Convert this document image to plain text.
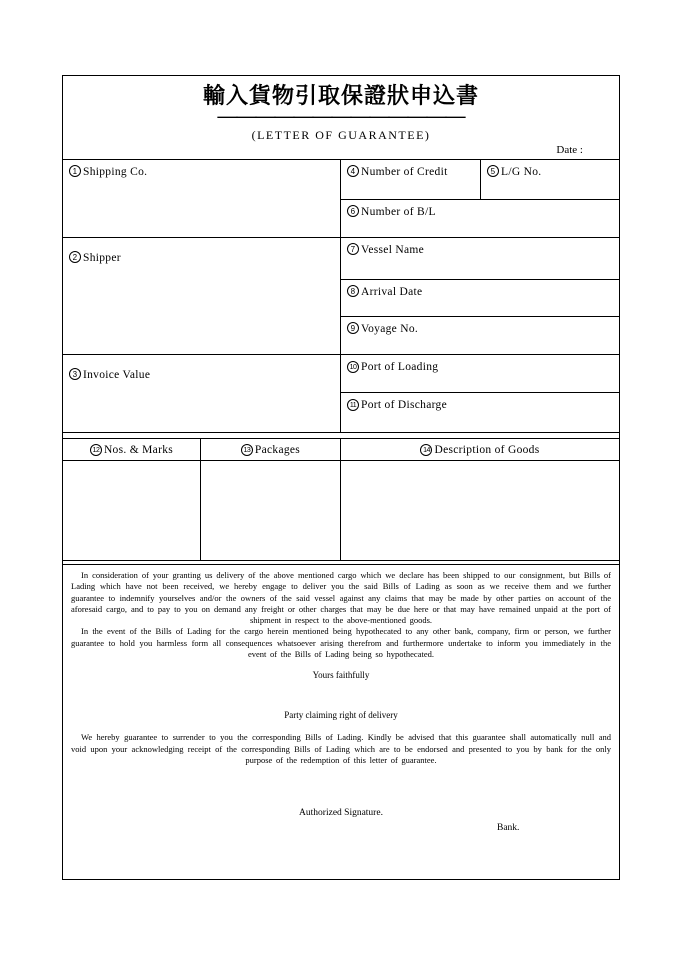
輸入貨物引取保證狀申込書
—————————————
(LETTER OF GUARANTEE)
Date :
1 Shipping Co.	4 Number of Credit	5 L/G No.
	6 Number of B/L	
2 Shipper	7 Vessel Name	
	8 Arrival Date	
	9 Voyage No.	
3 Invoice Value	10 Port of Loading	
	11 Port of Discharge	
12 Nos. & Marks	13 Packages	14 Description of Goods

In consideration of your granting us delivery of the above mentioned cargo which we declare has been shipped to our consignment, but Bills of Lading which have not been received, we hereby engage to deliver you the said Bills of Lading as soon as we receive them and we further guarantee to indemnify yourselves and/or the owners of the said vessel against any claims that may be made by other parties on account of the aforesaid cargo, and to pay to you on demand any freight or other charges that may be due here or that may have remained unpaid at the port of shipment in respect to the above-mentioned goods.

In the event of the Bills of Lading for the cargo herein mentioned being hypothecated to any other bank, company, firm or person, we further guarantee to hold you harmless form all consequences whatsoever arising therefrom and furthermore undertake to inform you immediately in the event of the Bills of Lading being so hypothecated.

Yours faithfully
Party claiming right of delivery

We hereby guarantee to surrender to you the corresponding Bills of Lading. Kindly be advised that this guarantee shall automatically null and void upon your acknowledging receipt of the corresponding Bills of Lading which are to be endorsed and presented to you by bank for the only purpose of the redemption of this letter of guarantee.

Authorized Signature.
Bank.
